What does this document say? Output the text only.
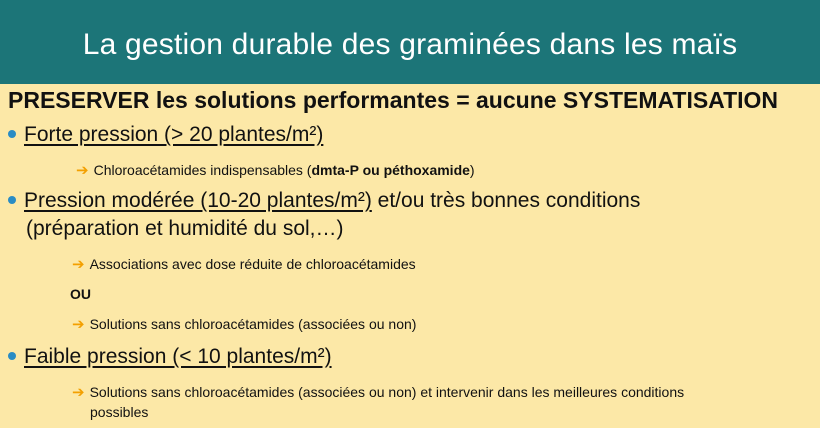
La gestion durable des graminées dans les maïs
PRESERVER les solutions performantes = aucune SYSTEMATISATION
Forte pression (> 20 plantes/m²)
➔ Chloroacétamides indispensables (dmta-P ou péthoxamide)
Pression modérée (10-20 plantes/m²) et/ou très bonnes conditions
(préparation et humidité du sol,…)
➔ Associations avec dose réduite de chloroacétamides
OU
➔ Solutions sans chloroacétamides (associées ou non)
Faible pression (< 10 plantes/m²)
➔ Solutions sans chloroacétamides (associées ou non) et intervenir dans les meilleures conditions
possibles
